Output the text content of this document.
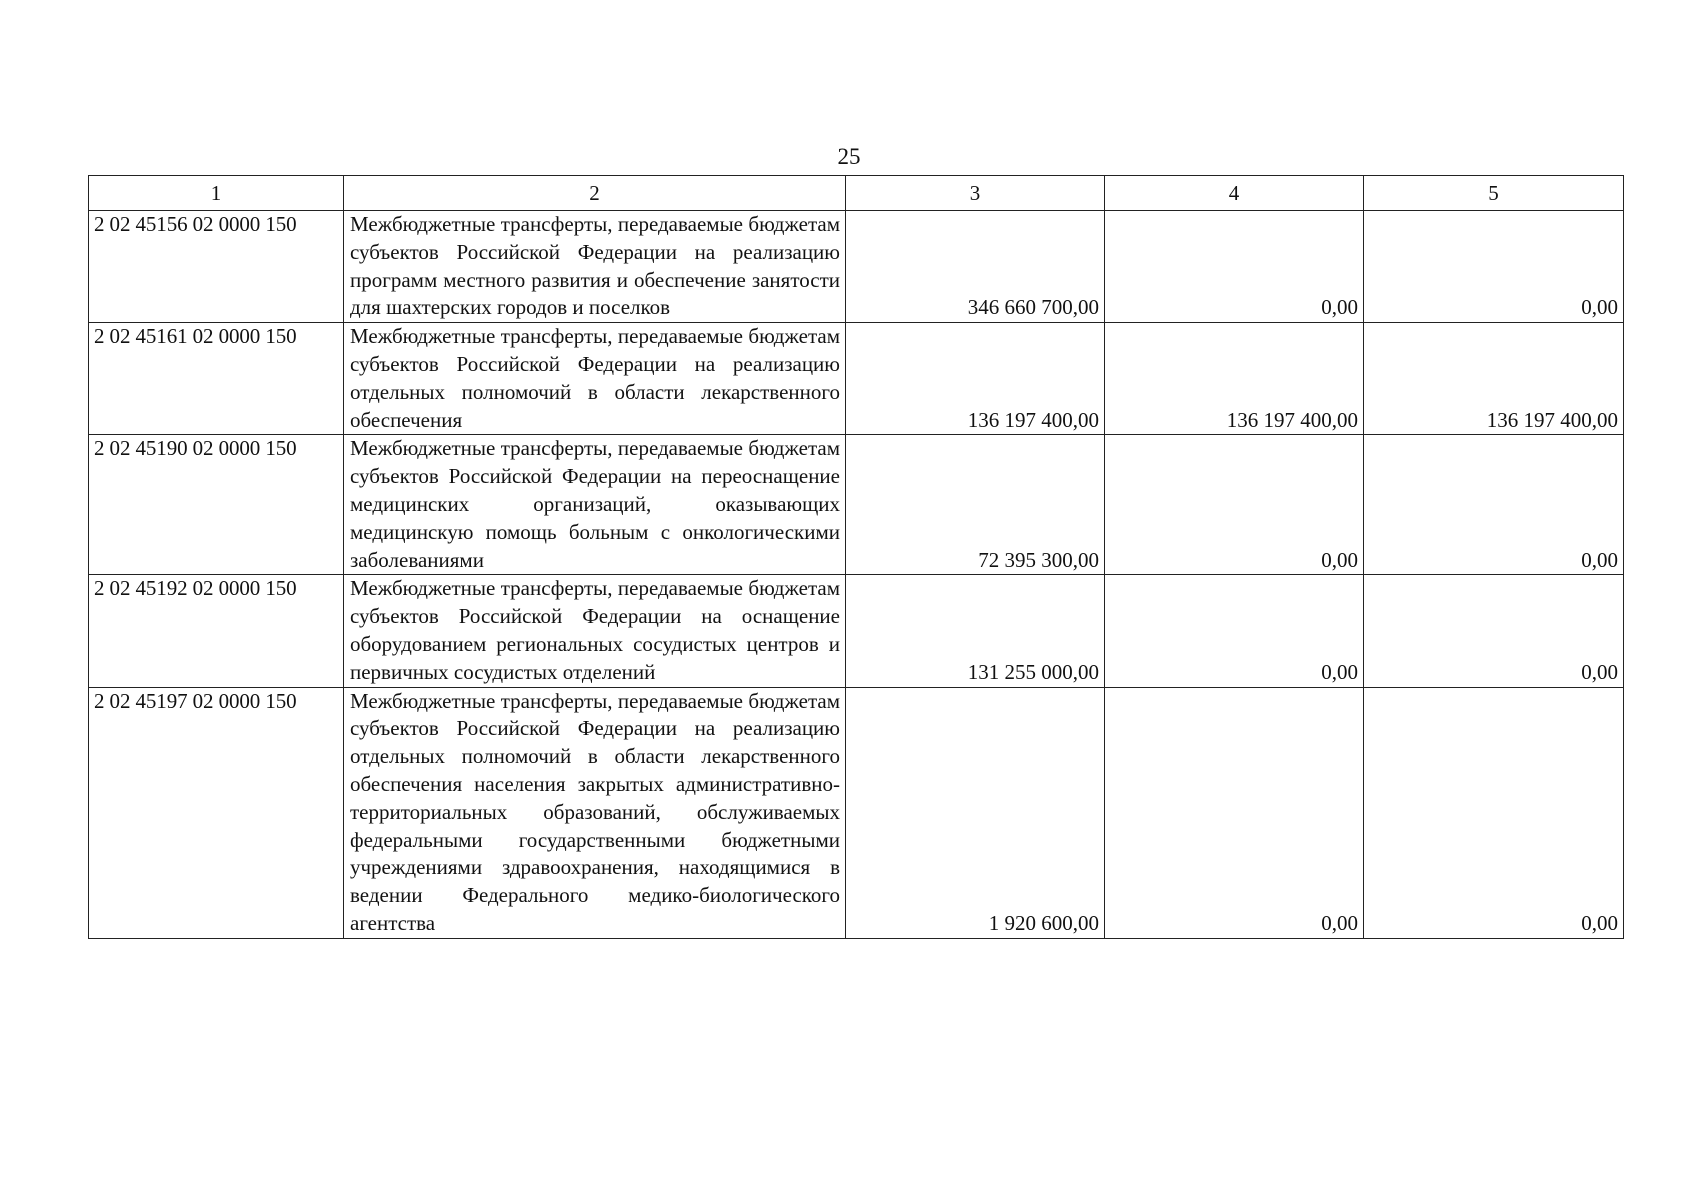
25
1	2	3	4	5
2 02 45156 02 0000 150	Межбюджетные трансферты, передаваемые бюджетам субъектов Российской Федерации на реализацию программ местного развития и обеспечение занятости для шахтерских городов и поселков	346 660 700,00	0,00	0,00
2 02 45161 02 0000 150	Межбюджетные трансферты, передаваемые бюджетам субъектов Российской Федерации на реализацию отдельных полномочий в области лекарственного обеспечения	136 197 400,00	136 197 400,00	136 197 400,00
2 02 45190 02 0000 150	Межбюджетные трансферты, передаваемые бюджетам субъектов Российской Федерации на переоснащение медицинских организаций, оказывающих медицинскую помощь больным с онкологическими заболеваниями	72 395 300,00	0,00	0,00
2 02 45192 02 0000 150	Межбюджетные трансферты, передаваемые бюджетам субъектов Российской Федерации на оснащение оборудованием региональных сосудистых центров и первичных сосудистых отделений	131 255 000,00	0,00	0,00
2 02 45197 02 0000 150	Межбюджетные трансферты, передаваемые бюджетам субъектов Российской Федерации на реализацию отдельных полномочий в области лекарственного обеспечения населения закрытых административно-территориальных образований, обслуживаемых федеральными государственными бюджетными учреждениями здравоохранения, находящимися в ведении Федерального медико-биологического агентства	1 920 600,00	0,00	0,00
